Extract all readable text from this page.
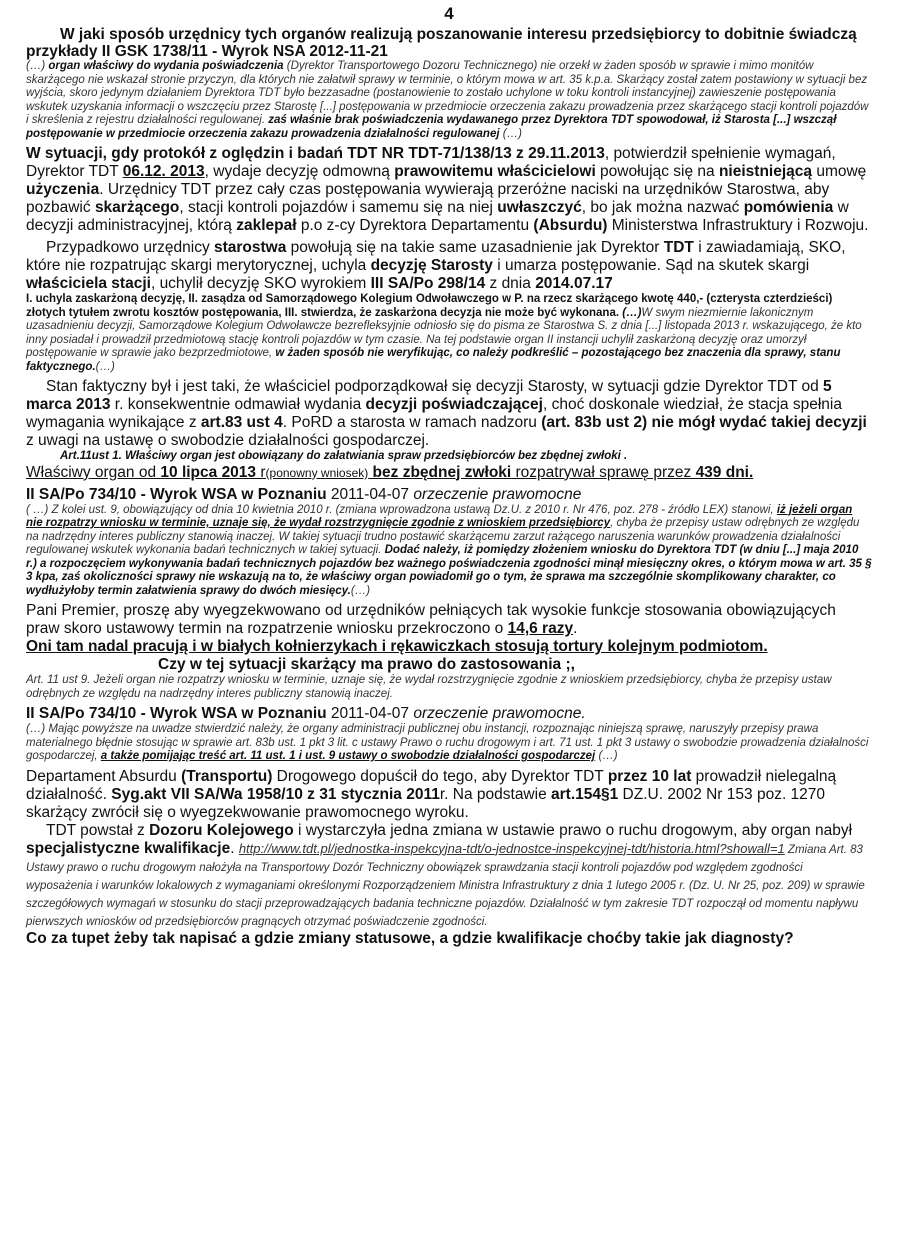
4

W jaki sposób urzędnicy tych organów realizują poszanowanie interesu przedsiębiorcy to dobitnie świadczą przykłady II GSK 1738/11 - Wyrok NSA 2012-11-21

(…) organ właściwy do wydania poświadczenia (Dyrektor Transportowego Dozoru Technicznego) nie orzekł w żaden sposób w sprawie i mimo monitów skarżącego nie wskazał stronie przyczyn, dla których nie załatwił sprawy w terminie, o którym mowa w art. 35 k.p.a. Skarżący został zatem postawiony w sytuacji bez wyjścia, skoro jedynym działaniem Dyrektora TDT było bezzasadne (postanowienie to zostało uchylone w toku kontroli instancyjnej) zawieszenie postępowania wskutek uzyskania informacji o wszczęciu przez Starostę [...] postępowania w przedmiocie orzeczenia zakazu prowadzenia przez skarżącego stacji kontroli pojazdów i skreślenia z rejestru działalności regulowanej. zaś właśnie brak poświadczenia wydawanego przez Dyrektora TDT spowodował, iż Starosta [...] wszczął postępowanie w przedmiocie orzeczenia zakazu prowadzenia działalności regulowanej (…)

W sytuacji, gdy protokół z oględzin i badań TDT NR TDT-71/138/13 z 29.11.2013, potwierdził spełnienie wymagań, Dyrektor TDT 06.12. 2013, wydaje decyzję odmowną prawowitemu właścicielowi powołując się na nieistniejącą umowę użyczenia. Urzędnicy TDT przez cały czas postępowania wywierają przeróżne naciski na urzędników Starostwa, aby pozbawić skarżącego, stacji kontroli pojazdów i samemu się na niej uwłaszczyć, bo jak można nazwać pomówienia w decyzji administracyjnej, którą zaklepał p.o z-cy Dyrektora Departamentu (Absurdu) Ministerstwa Infrastruktury i Rozwoju.

Przypadkowo urzędnicy starostwa powołują się na takie same uzasadnienie jak Dyrektor TDT i zawiadamiają, SKO, które nie rozpatrując skargi merytorycznej, uchyla decyzję Starosty i umarza postępowanie. Sąd na skutek skargi właściciela stacji, uchylił decyzję SKO wyrokiem III SA/Po 298/14 z dnia 2014.07.17

I. uchyla zaskarżoną decyzję, II. zasądza od Samorządowego Kolegium Odwoławczego w P. na rzecz skarżącego kwotę 440,- (czterysta czterdzieści) złotych tytułem zwrotu kosztów postępowania, III. stwierdza, że zaskarżona decyzja nie może być wykonana. (…)W swym niezmiernie lakonicznym uzasadnieniu decyzji, Samorządowe Kolegium Odwoławcze bezrefleksyjnie odniosło się do pisma ze Starostwa S. z dnia [...] listopada 2013 r. wskazującego, że kto inny posiadał i prowadził przedmiotową stację kontroli pojazdów w tym czasie. Na tej podstawie organ II instancji uchylił zaskarżoną decyzję oraz umorzył postępowanie w sprawie jako bezprzedmiotowe, w żaden sposób nie weryfikując, co należy podkreślić – pozostającego bez znaczenia dla sprawy, stanu faktycznego.(…)

Stan faktyczny był i jest taki, że właściciel podporządkował się decyzji Starosty, w sytuacji gdzie Dyrektor TDT od 5 marca 2013 r. konsekwentnie odmawiał wydania decyzji poświadczającej, choć doskonale wiedział, że stacja spełnia wymagania wynikające z art.83 ust 4. PoRD a starosta w ramach nadzoru (art. 83b ust 2) nie mógł wydać takiej decyzji z uwagi na ustawę o swobodzie działalności gospodarczej.

Art.11ust 1. Właściwy organ jest obowiązany do załatwiania spraw przedsiębiorców bez zbędnej zwłoki .

Właściwy organ od 10 lipca 2013 r(ponowny wniosek) bez zbędnej zwłoki rozpatrywał sprawę przez 439 dni.

II SA/Po 734/10 - Wyrok WSA w Poznaniu 2011-04-07 orzeczenie prawomocne

( …) Z kolei ust. 9, obowiązujący od dnia 10 kwietnia 2010 r. (zmiana wprowadzona ustawą Dz.U. z 2010 r. Nr 476, poz. 278 - źródło LEX) stanowi, iż jeżeli organ nie rozpatrzy wniosku w terminie, uznaje się, że wydał rozstrzygnięcie zgodnie z wnioskiem przedsiębiorcy, chyba że przepisy ustaw odrębnych ze względu na nadrzędny interes publiczny stanowią inaczej. W takiej sytuacji trudno postawić skarżącemu zarzut rażącego naruszenia warunków prowadzenia działalności regulowanej wskutek wykonania badań technicznych w takiej sytuacji. Dodać należy, iż pomiędzy złożeniem wniosku do Dyrektora TDT (w dniu [...] maja 2010 r.) a rozpoczęciem wykonywania badań technicznych pojazdów bez ważnego poświadczenia zgodności minął miesięczny okres, o którym mowa w art. 35 § 3 kpa, zaś okoliczności sprawy nie wskazują na to, że właściwy organ powiadomił go o tym, że sprawa ma szczególnie skomplikowany charakter, co wydłużyłoby termin załatwienia sprawy do dwóch miesięcy.(…)

Pani Premier, proszę aby wyegzekwowano od urzędników pełniących tak wysokie funkcje stosowania obowiązujących praw skoro ustawowy termin na rozpatrzenie wniosku przekroczono o 14,6 razy.

Oni tam nadal pracują i w białych kołnierzykach i rękawiczkach stosują tortury kolejnym podmiotom.

Czy w tej sytuacji skarżący ma prawo do zastosowania ;,

Art. 11 ust 9. Jeżeli organ nie rozpatrzy wniosku w terminie, uznaje się, że wydał rozstrzygnięcie zgodnie z wnioskiem przedsiębiorcy, chyba że przepisy ustaw odrębnych ze względu na nadrzędny interes publiczny stanowią inaczej.

II SA/Po 734/10 - Wyrok WSA w Poznaniu 2011-04-07 orzeczenie prawomocne.

(…) Mając powyższe na uwadze stwierdzić należy, że organy administracji publicznej obu instancji, rozpoznając niniejszą sprawę, naruszyły przepisy prawa materialnego błędnie stosując w sprawie art. 83b ust. 1 pkt 3 lit. c ustawy Prawo o ruchu drogowym i art. 71 ust. 1 pkt 3 ustawy o swobodzie prowadzenia działalności gospodarczej, a także pomijając treść art. 11 ust. 1 i ust. 9 ustawy o swobodzie działalności gospodarczej (…)

Departament Absurdu (Transportu) Drogowego dopuścił do tego, aby Dyrektor TDT przez 10 lat prowadził nielegalną działalność. Syg.akt VII SA/Wa 1958/10 z 31 stycznia 2011r. Na podstawie art.154§1 DZ.U. 2002 Nr 153 poz. 1270 skarżący zwrócił się o wyegzekwowanie prawomocnego wyroku.

TDT powstał z Dozoru Kolejowego i wystarczyła jedna zmiana w ustawie prawo o ruchu drogowym, aby organ nabył specjalistyczne kwalifikacje. http://www.tdt.pl/jednostka-inspekcyjna-tdt/o-jednostce-inspekcyjnej-tdt/historia.html?showall=1 Zmiana Art. 83 Ustawy prawo o ruchu drogowym nałożyła na Transportowy Dozór Techniczny obowiązek sprawdzania stacji kontroli pojazdów pod względem zgodności wyposażenia i warunków lokalowych z wymaganiami określonymi Rozporządzeniem Ministra Infrastruktury z dnia 1 lutego 2005 r. (Dz. U. Nr 25, poz. 209) w sprawie szczegółowych wymagań w stosunku do stacji przeprowadzających badania techniczne pojazdów. Działalność w tym zakresie TDT rozpoczął od momentu napływu pierwszych wniosków od przedsiębiorców pragnących otrzymać poświadczenie zgodności.

Co za tupet żeby tak napisać a gdzie zmiany statusowe, a gdzie kwalifikacje choćby takie jak diagnosty?
